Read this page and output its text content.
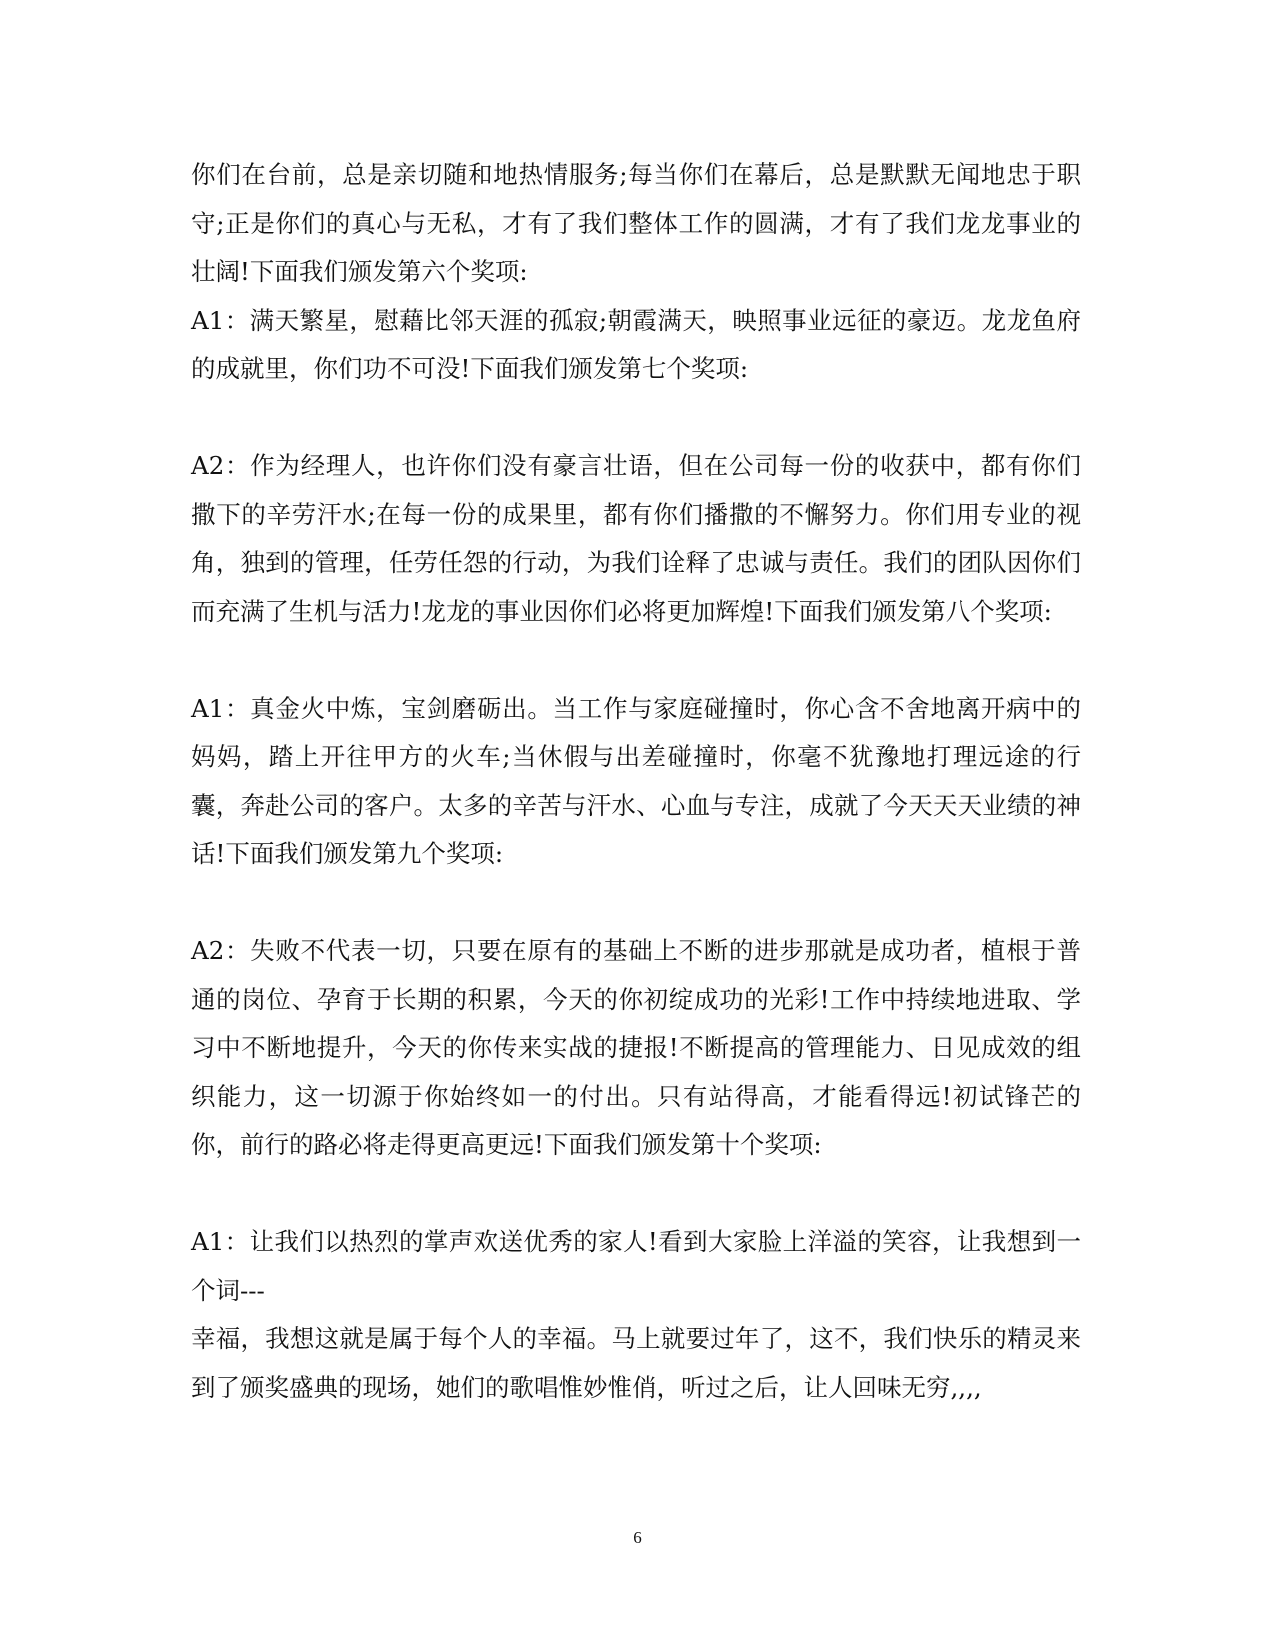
你们在台前，总是亲切随和地热情服务;每当你们在幕后，总是默默无闻地忠于职守;正是你们的真心与无私，才有了我们整体工作的圆满，才有了我们龙龙事业的壮阔!下面我们颁发第六个奖项:

A1：满天繁星，慰藉比邻天涯的孤寂;朝霞满天，映照事业远征的豪迈。龙龙鱼府的成就里，你们功不可没!下面我们颁发第七个奖项:

A2：作为经理人，也许你们没有豪言壮语，但在公司每一份的收获中，都有你们撒下的辛劳汗水;在每一份的成果里，都有你们播撒的不懈努力。你们用专业的视角，独到的管理，任劳任怨的行动，为我们诠释了忠诚与责任。我们的团队因你们而充满了生机与活力!龙龙的事业因你们必将更加辉煌!下面我们颁发第八个奖项:

A1：真金火中炼，宝剑磨砺出。当工作与家庭碰撞时，你心含不舍地离开病中的妈妈，踏上开往甲方的火车;当休假与出差碰撞时，你毫不犹豫地打理远途的行囊，奔赴公司的客户。太多的辛苦与汗水、心血与专注，成就了今天天天业绩的神话!下面我们颁发第九个奖项:

A2：失败不代表一切，只要在原有的基础上不断的进步那就是成功者，植根于普通的岗位、孕育于长期的积累，今天的你初绽成功的光彩!工作中持续地进取、学习中不断地提升，今天的你传来实战的捷报!不断提高的管理能力、日见成效的组织能力，这一切源于你始终如一的付出。只有站得高，才能看得远!初试锋芒的你，前行的路必将走得更高更远!下面我们颁发第十个奖项:

A1：让我们以热烈的掌声欢送优秀的家人!看到大家脸上洋溢的笑容，让我想到一个词---

幸福，我想这就是属于每个人的幸福。马上就要过年了，这不，我们快乐的精灵来到了颁奖盛典的现场，她们的歌唱惟妙惟俏，听过之后，让人回味无穷,,,,

6
